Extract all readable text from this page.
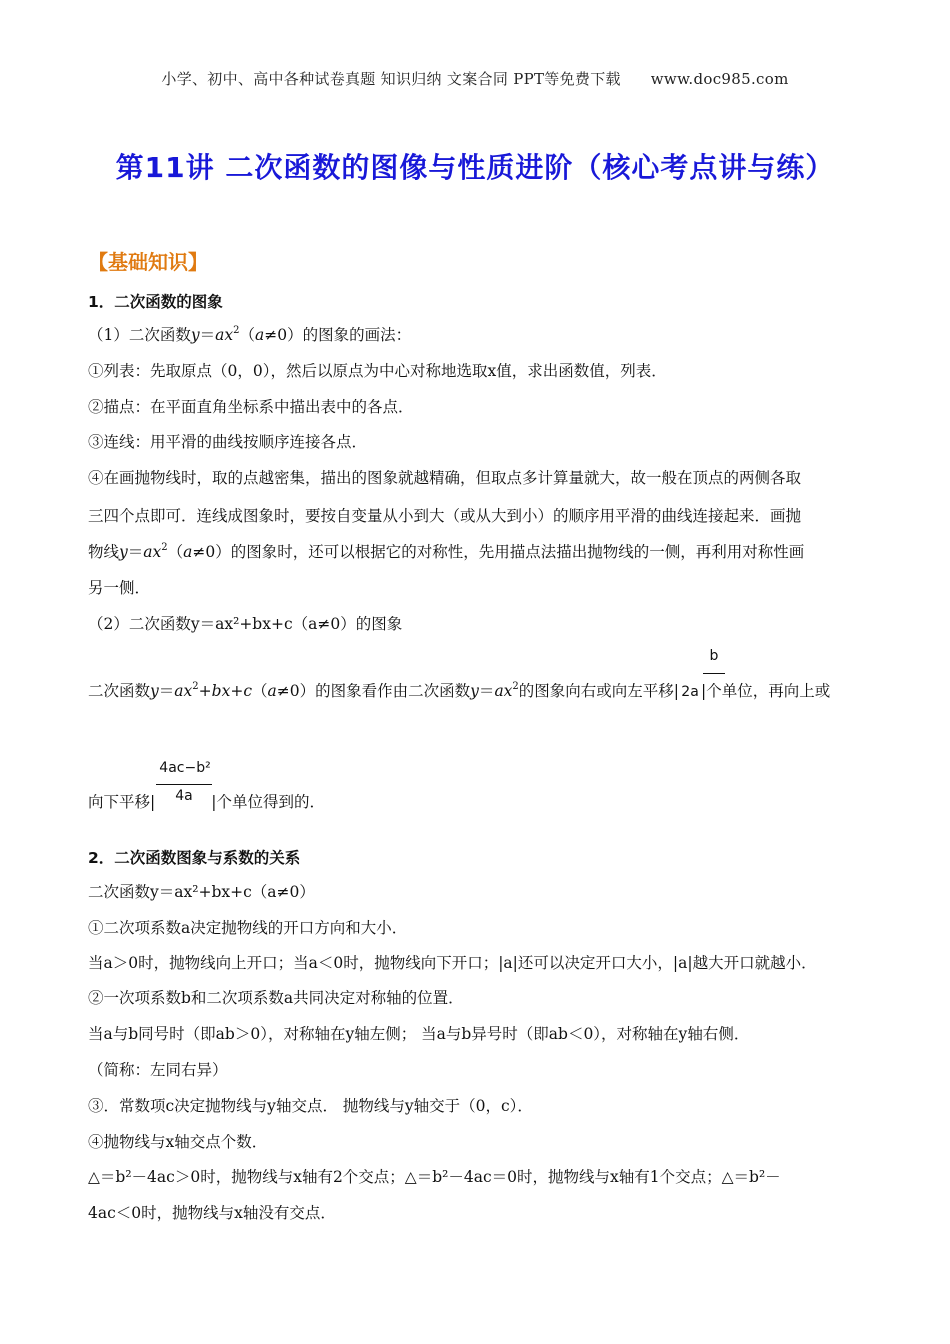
小学、初中、高中各种试卷真题 知识归纳 文案合同 PPT等免费下载 www.doc985.com
第11讲 二次函数的图像与性质进阶（核心考点讲与练）
【基础知识】
1．二次函数的图象
（1）二次函数$y=ax^2(a\ne 0)$的图象的画法：
①列表：先取原点（0，0），然后以原点为中心对称地选取x值，求出函数值，列表．
②描点：在平面直角坐标系中描出表中的各点．
③连线：用平滑的曲线按顺序连接各点．
④在画抛物线时，取的点越密集，描出的图象就越精确，但取点多计算量就大，故一般在顶点的两侧各取
三四个点即可．连线成图象时，要按自变量从小到大（或从大到小）的顺序用平滑的曲线连接起来．画抛
物线$y=ax^2(a\ne 0)$的图象时，还可以根据它的对称性，先用描点法描出抛物线的一侧，再利用对称性画
另一侧．
（2）二次函数y＝ax²+bx+c（a≠0）的图象
b
二次函数$y=ax^2+bx+c(a\ne 0)$的图象看作由二次函数$y=ax^2$的图象向右或向左平移| 2a |个单位，再向上或
4ac−b²
4a
向下平移|	|个单位得到的．
2．二次函数图象与系数的关系
二次函数y＝ax²+bx+c（a≠0）
①二次项系数a决定抛物线的开口方向和大小．
当a＞0时，抛物线向上开口；当a＜0时，抛物线向下开口；|a|还可以决定开口大小，|a|越大开口就越小．
②一次项系数b和二次项系数a共同决定对称轴的位置．
当a与b同号时（即ab＞0），对称轴在y轴左侧； 当a与b异号时（即ab＜0），对称轴在y轴右侧．
（简称：左同右异）
③．常数项c决定抛物线与y轴交点． 抛物线与y轴交于（0，c）．
④抛物线与x轴交点个数．
△＝b²－4ac＞0时，抛物线与x轴有2个交点；△＝b²－4ac＝0时，抛物线与x轴有1个交点；△＝b²－
4ac＜0时，抛物线与x轴没有交点．
